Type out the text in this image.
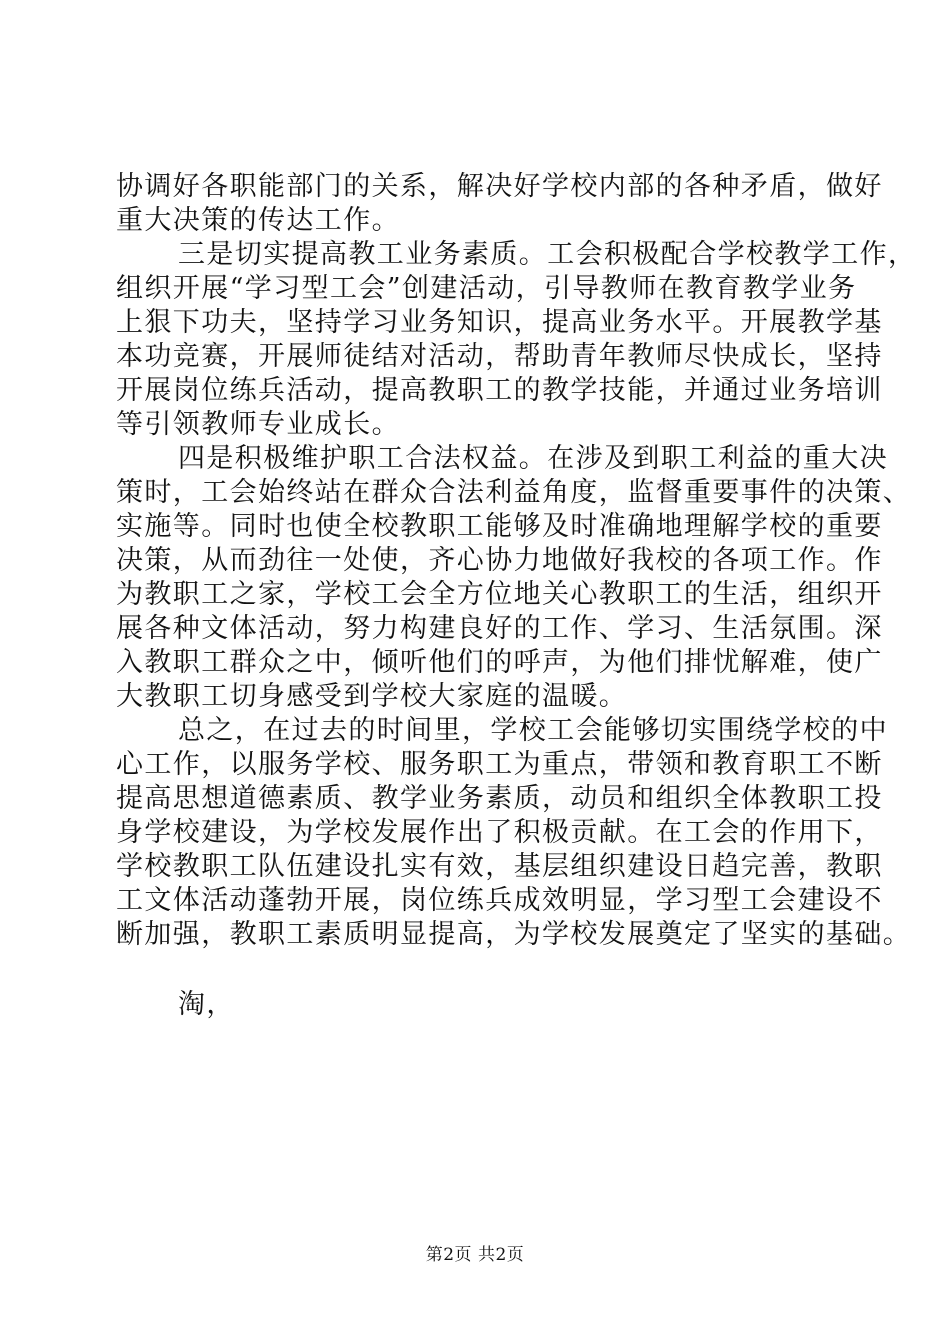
协调好各职能部门的关系，解决好学校内部的各种矛盾，做好
重大决策的传达工作。
三是切实提高教工业务素质。工会积极配合学校教学工作，
组织开展“学习型工会”创建活动，引导教师在教育教学业务
上狠下功夫，坚持学习业务知识，提高业务水平。开展教学基
本功竞赛，开展师徒结对活动，帮助青年教师尽快成长，坚持
开展岗位练兵活动，提高教职工的教学技能，并通过业务培训
等引领教师专业成长。
四是积极维护职工合法权益。在涉及到职工利益的重大决
策时，工会始终站在群众合法利益角度，监督重要事件的决策、
实施等。同时也使全校教职工能够及时准确地理解学校的重要
决策，从而劲往一处使，齐心协力地做好我校的各项工作。作
为教职工之家，学校工会全方位地关心教职工的生活，组织开
展各种文体活动，努力构建良好的工作、学习、生活氛围。深
入教职工群众之中，倾听他们的呼声，为他们排忧解难，使广
大教职工切身感受到学校大家庭的温暖。
总之，在过去的时间里，学校工会能够切实围绕学校的中
心工作，以服务学校、服务职工为重点，带领和教育职工不断
提高思想道德素质、教学业务素质，动员和组织全体教职工投
身学校建设，为学校发展作出了积极贡献。在工会的作用下，
学校教职工队伍建设扎实有效，基层组织建设日趋完善，教职
工文体活动蓬勃开展，岗位练兵成效明显，学习型工会建设不
断加强，教职工素质明显提高，为学校发展奠定了坚实的基础。
淘，
第2页 共2页
